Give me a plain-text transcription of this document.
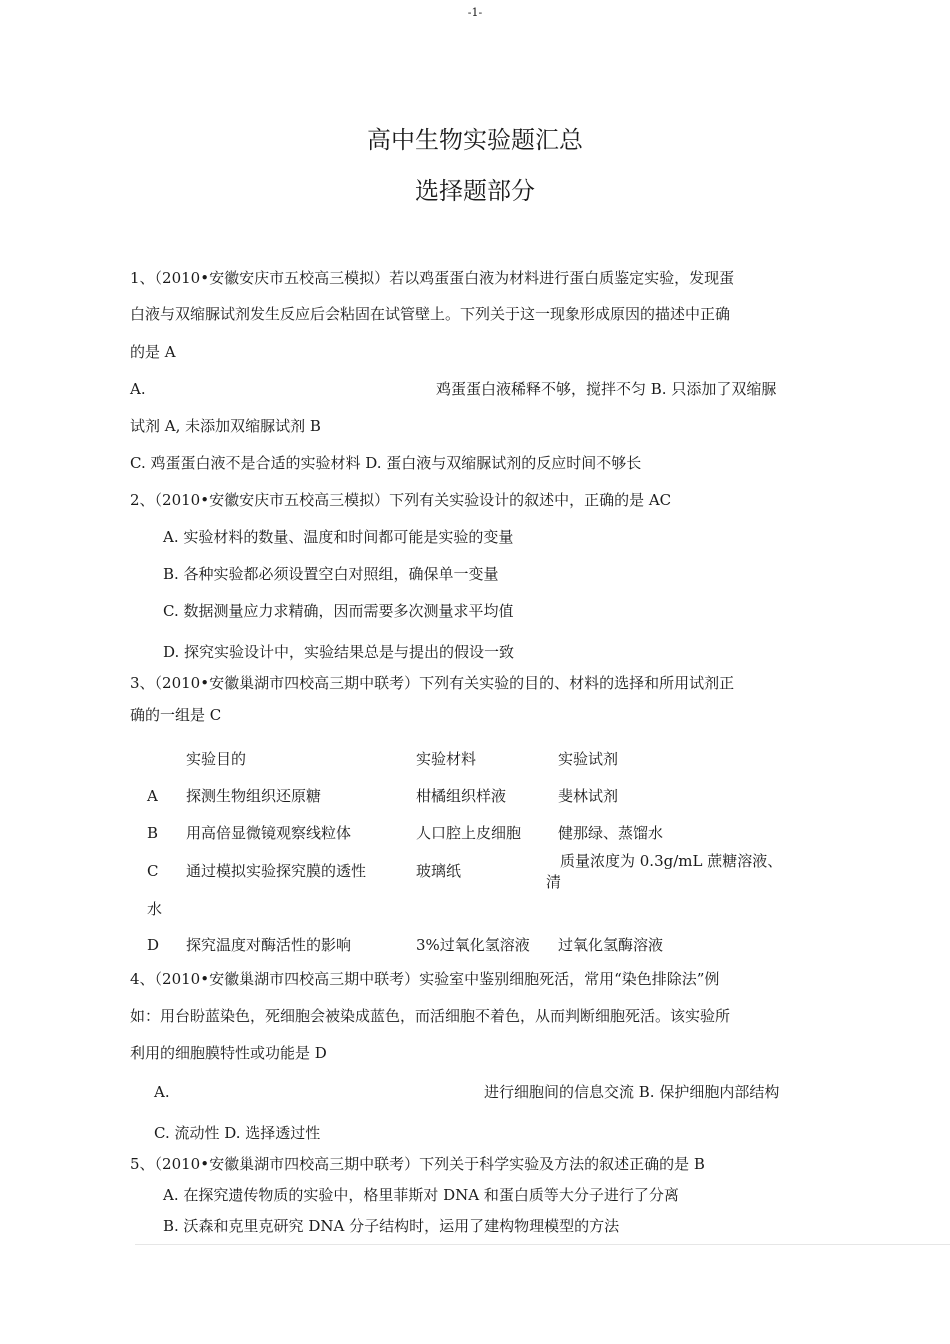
-1-
高中生物实验题汇总
选择题部分
1、（2010•安徽安庆市五校高三模拟）若以鸡蛋蛋白液为材料进行蛋白质鉴定实验，发现蛋
白液与双缩脲试剂发生反应后会粘固在试管壁上。下列关于这一现象形成原因的描述中正确
的是 A
A.	鸡蛋蛋白液稀释不够，搅拌不匀 B. 只添加了双缩脲
试剂 A, 未添加双缩脲试剂 B
C. 鸡蛋蛋白液不是合适的实验材料 D. 蛋白液与双缩脲试剂的反应时间不够长
2、（2010•安徽安庆市五校高三模拟）下列有关实验设计的叙述中，正确的是 AC
A. 实验材料的数量、温度和时间都可能是实验的变量
B. 各种实验都必须设置空白对照组，确保单一变量
C. 数据测量应力求精确，因而需要多次测量求平均值
D. 探究实验设计中，实验结果总是与提出的假设一致
3、（2010•安徽巢湖市四校高三期中联考）下列有关实验的目的、材料的选择和所用试剂正
确的一组是 C
实验目的	实验材料	实验试剂
A 探测生物组织还原糖	柑橘组织样液	斐林试剂
B 用高倍显微镜观察线粒体	人口腔上皮细胞 健那绿、蒸馏水
C 通过模拟实验探究膜的透性	玻璃纸
质量浓度为 0.3g/mL 蔗糖溶液、
清
水
D 探究温度对酶活性的影响	3%过氧化氢溶液 过氧化氢酶溶液
4、（2010•安徽巢湖市四校高三期中联考）实验室中鉴别细胞死活，常用“染色排除法”例
如：用台盼蓝染色，死细胞会被染成蓝色，而活细胞不着色，从而判断细胞死活。该实验所
利用的细胞膜特性或功能是 D
A.	进行细胞间的信息交流 B. 保护细胞内部结构
C. 流动性 D. 选择透过性
5、（2010•安徽巢湖市四校高三期中联考）下列关于科学实验及方法的叙述正确的是 B
A. 在探究遗传物质的实验中，格里菲斯对 DNA 和蛋白质等大分子进行了分离
B. 沃森和克里克研究 DNA 分子结构时，运用了建构物理模型的方法
